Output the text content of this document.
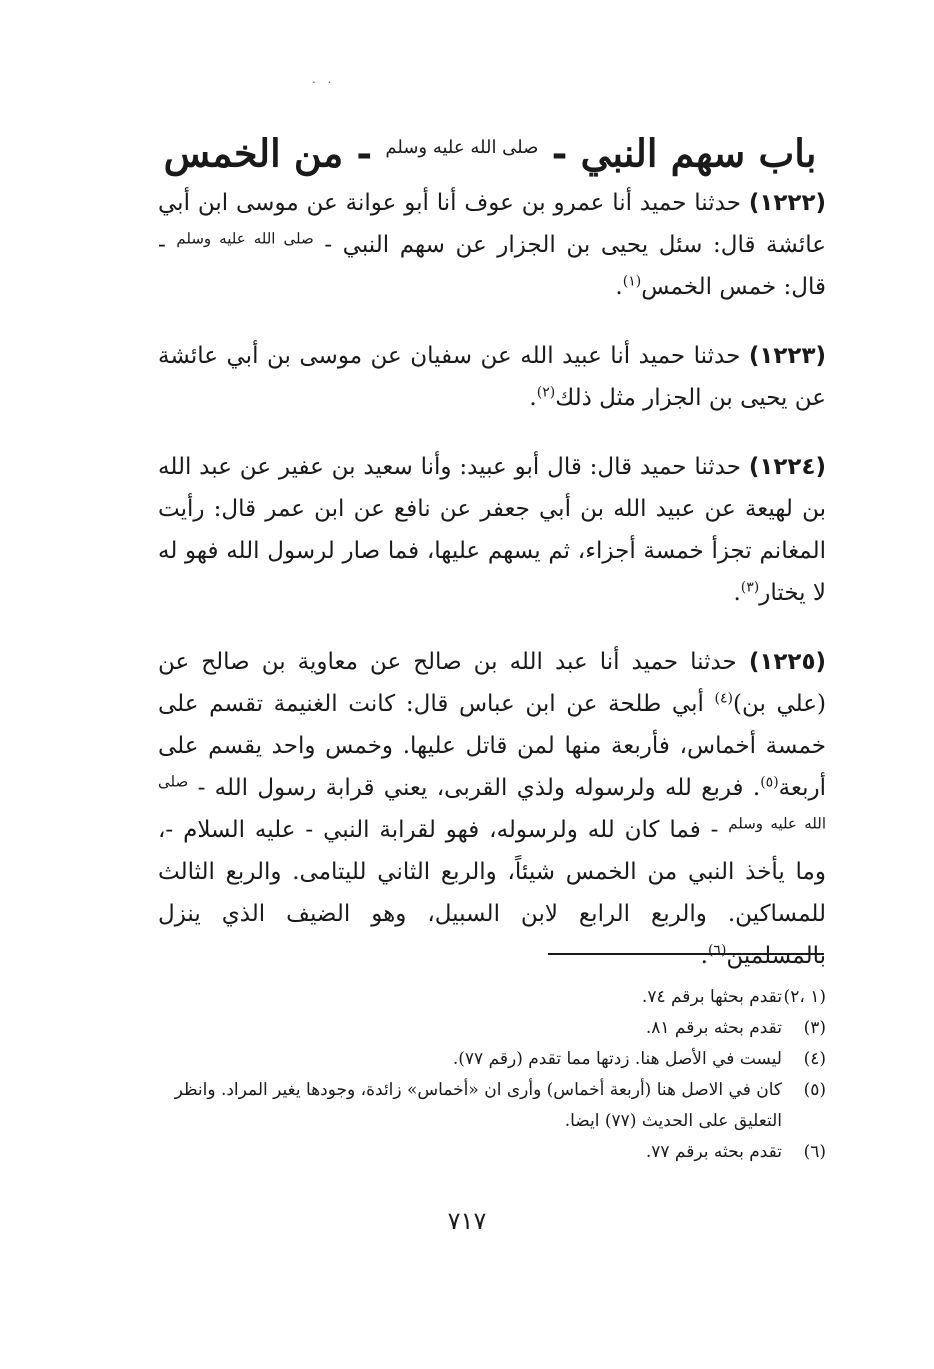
. .
باب سهم النبي - $^{صلى الله عليه وسلم}$ - من الخمس

(١٢٢٢) حدثنا حميد أنا عمرو بن عوف أنا أبو عوانة عن موسى ابن أبي عائشة قال: سئل يحيى بن الجزار عن سهم النبي - $^{صلى الله عليه وسلم}$ - قال: خمس الخمس$^{(١)}$.

(١٢٢٣) حدثنا حميد أنا عبيد الله عن سفيان عن موسى بن أبي عائشة عن يحيى بن الجزار مثل ذلك$^{(٢)}$.

(١٢٢٤) حدثنا حميد قال: قال أبو عبيد: وأنا سعيد بن عفير عن عبد الله بن لهيعة عن عبيد الله بن أبي جعفر عن نافع عن ابن عمر قال: رأيت المغانم تجزأ خمسة أجزاء، ثم يسهم عليها، فما صار لرسول الله فهو له لا يختار$^{(٣)}$.

(١٢٢٥) حدثنا حميد أنا عبد الله بن صالح عن معاوية بن صالح عن (علي بن)$^{(٤)}$ أبي طلحة عن ابن عباس قال: كانت الغنيمة تقسم على خمسة أخماس، فأربعة منها لمن قاتل عليها. وخمس واحد يقسم على أربعة$^{(٥)}$. فربع لله ولرسوله ولذي القربى، يعني قرابة رسول الله - $^{صلى الله عليه وسلم}$ - فما كان لله ولرسوله، فهو لقرابة النبي - عليه السلام -، وما يأخذ النبي من الخمس شيئاً، والربع الثاني لليتامى. والربع الثالث للمساكين. والربع الرابع لابن السبيل، وهو الضيف الذي ينزل بالمسلمين$^{(٦)}$.

(١ ،٢)
تقدم بحثها برقم ٧٤.
(٣)
تقدم بحثه برقم ٨١.
(٤)
ليست في الأصل هنا. زدتها مما تقدم (رقم ٧٧).
(٥)
كان في الاصل هنا (أربعة أخماس) وأرى ان «أخماس» زائدة، وجودها يغير المراد. وانظر التعليق على الحديث (٧٧) ايضا.
(٦)
تقدم بحثه برقم ٧٧.
٧١٧
